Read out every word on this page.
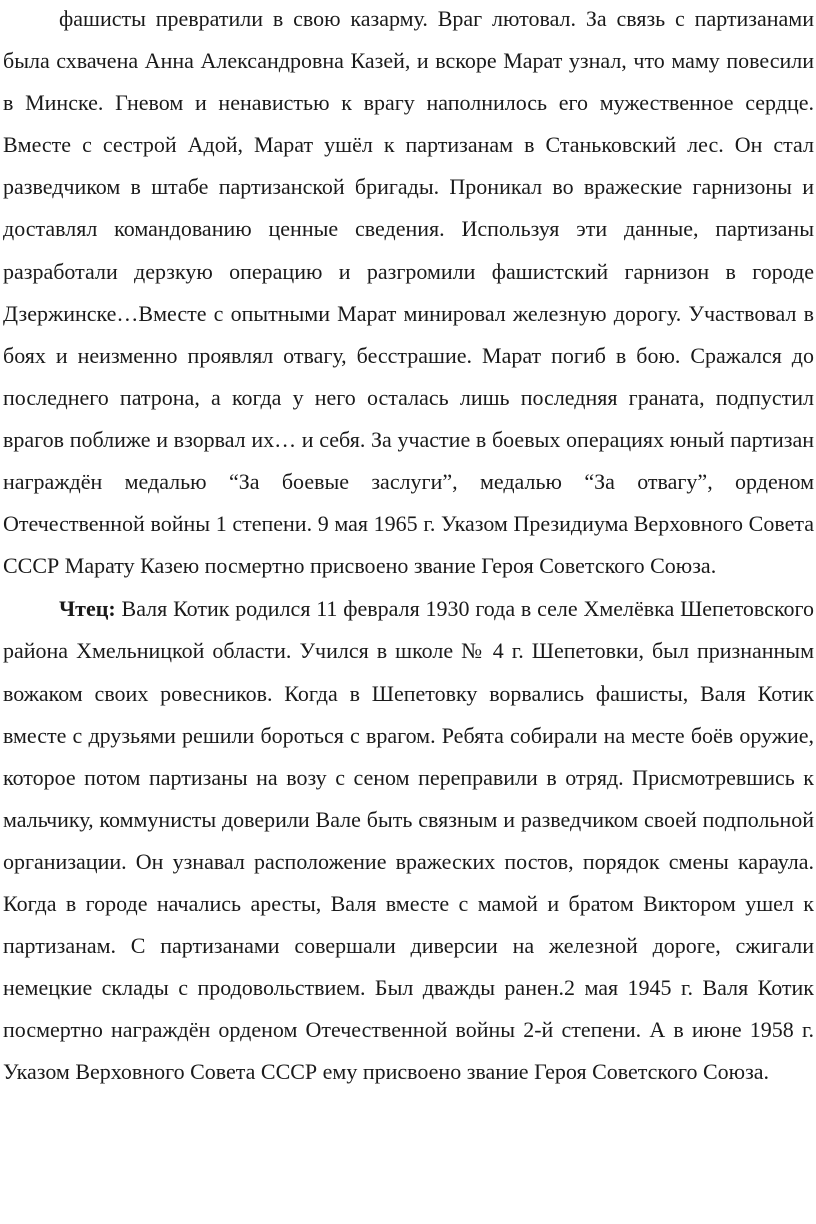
фашисты превратили в свою казарму. Враг лютовал. За связь с партизанами была схвачена Анна Александровна Казей, и вскоре Марат узнал, что маму повесили в Минске. Гневом и ненавистью к врагу наполнилось его мужественное сердце. Вместе с сестрой Адой, Марат ушёл к партизанам в Станьковский лес. Он стал разведчиком в штабе партизанской бригады. Проникал во вражеские гарнизоны и доставлял командованию ценные сведения. Используя эти данные, партизаны разработали дерзкую операцию и разгромили фашистский гарнизон в городе Дзержинске…Вместе с опытными Марат минировал железную дорогу. Участвовал в боях и неизменно проявлял отвагу, бесстрашие. Марат погиб в бою. Сражался до последнего патрона, а когда у него осталась лишь последняя граната, подпустил врагов поближе и взорвал их… и себя. За участие в боевых операциях юный партизан награждён медалью “За боевые заслуги”, медалью “За отвагу”, орденом Отечественной войны 1 степени. 9 мая 1965 г. Указом Президиума Верховного Совета СССР Марату Казею посмертно присвоено звание Героя Советского Союза.

Чтец: Валя Котик родился 11 февраля 1930 года в селе Хмелёвка Шепетовского района Хмельницкой области. Учился в школе № 4 г. Шепетовки, был признанным вожаком своих ровесников. Когда в Шепетовку ворвались фашисты, Валя Котик вместе с друзьями решили бороться с врагом. Ребята собирали на месте боёв оружие, которое потом партизаны на возу с сеном переправили в отряд. Присмотревшись к мальчику, коммунисты доверили Вале быть связным и разведчиком своей подпольной организации. Он узнавал расположение вражеских постов, порядок смены караула. Когда в городе начались аресты, Валя вместе с мамой и братом Виктором ушел к партизанам. С партизанами совершали диверсии на железной дороге, сжигали немецкие склады с продовольствием. Был дважды ранен.2 мая 1945 г. Валя Котик посмертно награждён орденом Отечественной войны 2-й степени. А в июне 1958 г. Указом Верховного Совета СССР ему присвоено звание Героя Советского Союза.
